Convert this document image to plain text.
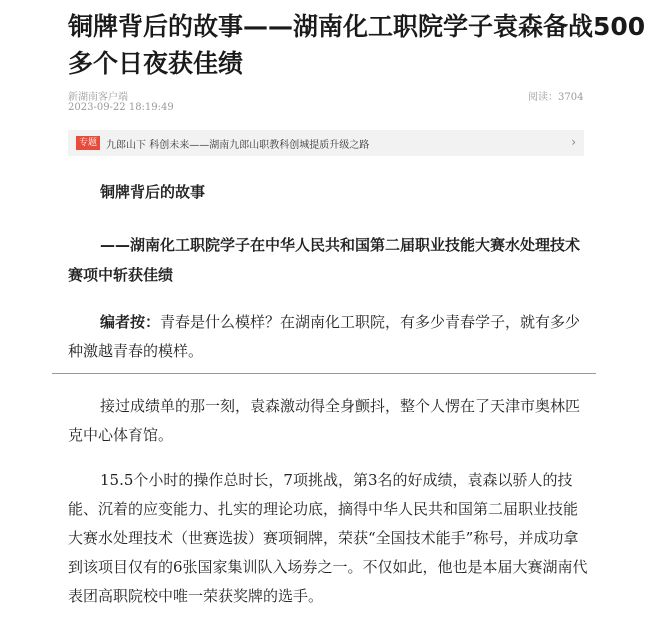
铜牌背后的故事——湖南化工职院学子袁森备战500多个日夜获佳绩
新湖南客户端
2023-09-22 18:19:49
阅读：3704
专题 九郎山下 科创未来——湖南九郎山职教科创城提质升级之路	›
铜牌背后的故事
——湖南化工职院学子在中华人民共和国第二届职业技能大赛水处理技术赛项中斩获佳绩
编者按：青春是什么模样？在湖南化工职院，有多少青春学子，就有多少种激越青春的模样。
接过成绩单的那一刻，袁森激动得全身颤抖，整个人愣在了天津市奥林匹克中心体育馆。
15.5个小时的操作总时长，7项挑战，第3名的好成绩，袁森以骄人的技能、沉着的应变能力、扎实的理论功底，摘得中华人民共和国第二届职业技能大赛水处理技术（世赛选拔）赛项铜牌，荣获“全国技术能手”称号，并成功拿到该项目仅有的6张国家集训队入场券之一。不仅如此，他也是本届大赛湖南代表团高职院校中唯一荣获奖牌的选手。
